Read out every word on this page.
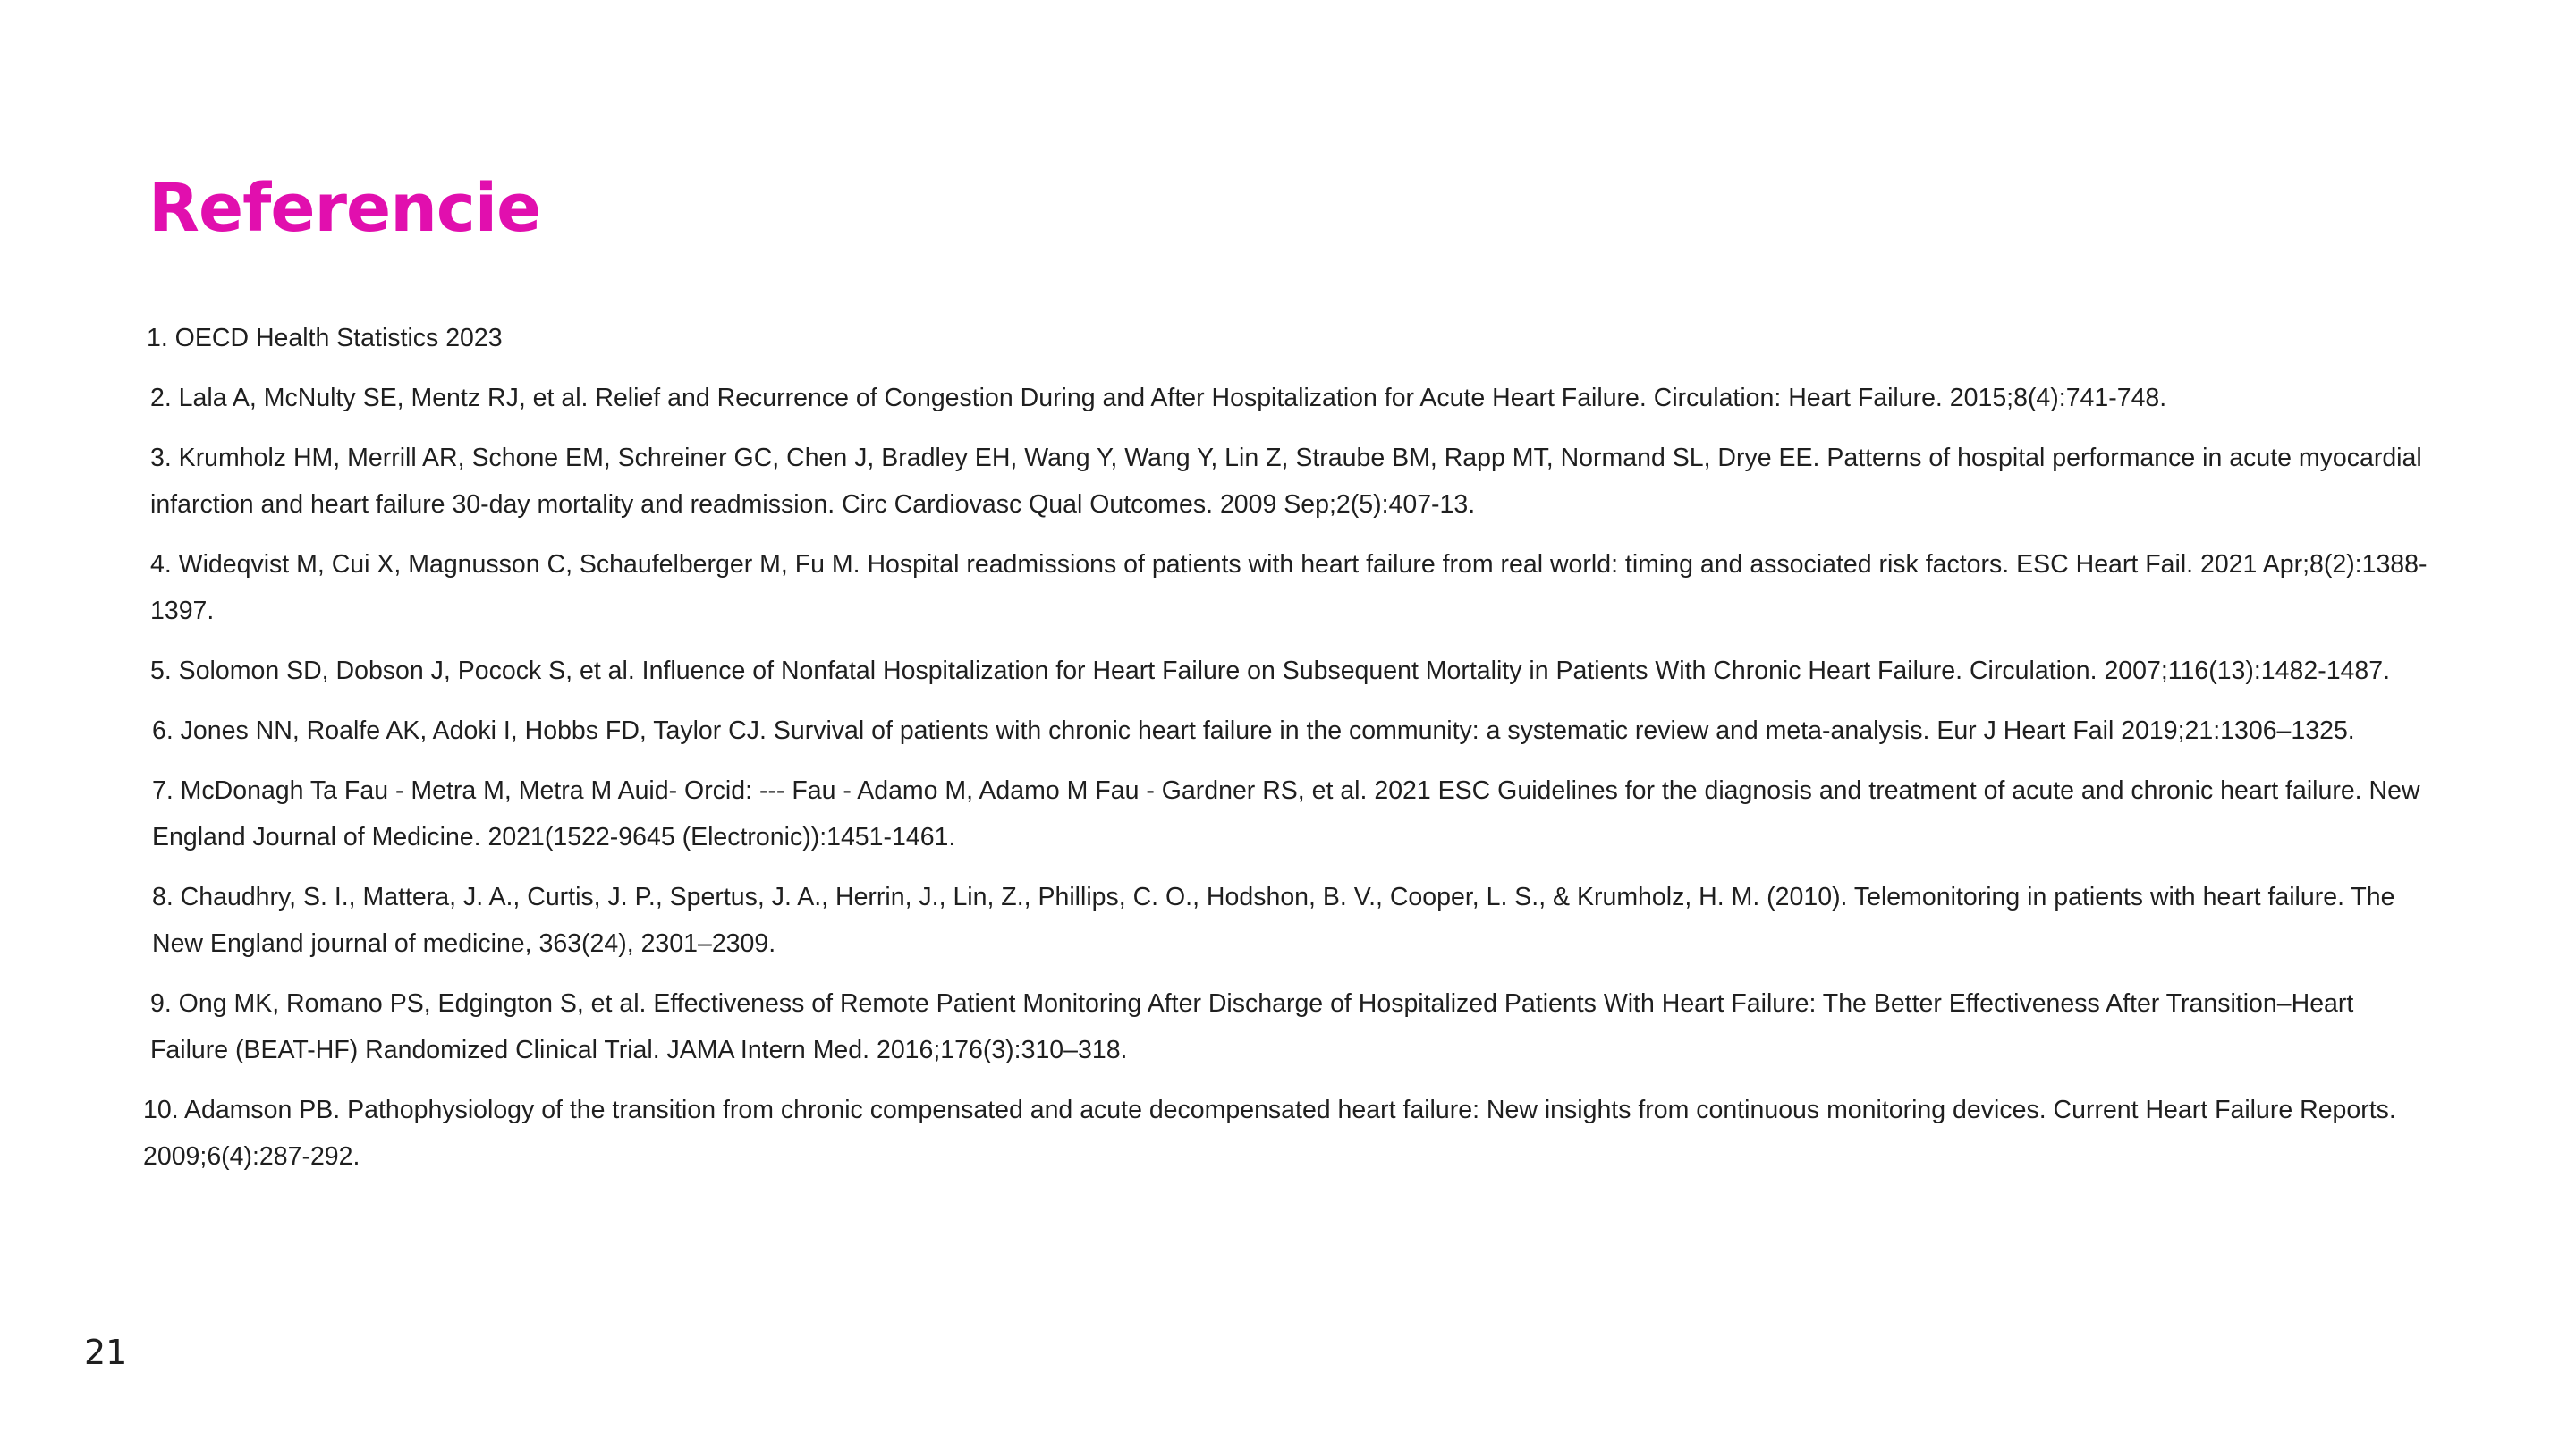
Referencie
1. OECD Health Statistics 2023
2. Lala A, McNulty SE, Mentz RJ, et al. Relief and Recurrence of Congestion During and After Hospitalization for Acute Heart Failure. Circulation: Heart Failure. 2015;8(4):741-748.
3. Krumholz HM, Merrill AR, Schone EM, Schreiner GC, Chen J, Bradley EH, Wang Y, Wang Y, Lin Z, Straube BM, Rapp MT, Normand SL, Drye EE. Patterns of hospital performance in acute myocardial infarction and heart failure 30-day mortality and readmission. Circ Cardiovasc Qual Outcomes. 2009 Sep;2(5):407-13.
4. Wideqvist M, Cui X, Magnusson C, Schaufelberger M, Fu M. Hospital readmissions of patients with heart failure from real world: timing and associated risk factors. ESC Heart Fail. 2021 Apr;8(2):1388-1397.
5. Solomon SD, Dobson J, Pocock S, et al. Influence of Nonfatal Hospitalization for Heart Failure on Subsequent Mortality in Patients With Chronic Heart Failure. Circulation. 2007;116(13):1482-1487.
6. Jones NN, Roalfe AK, Adoki I, Hobbs FD, Taylor CJ. Survival of patients with chronic heart failure in the community: a systematic review and meta‐analysis. Eur J Heart Fail 2019;21:1306–1325.
7. McDonagh Ta Fau - Metra M, Metra M Auid- Orcid: --- Fau - Adamo M, Adamo M Fau - Gardner RS, et al. 2021 ESC Guidelines for the diagnosis and treatment of acute and chronic heart failure. New England Journal of Medicine. 2021(1522-9645 (Electronic)):1451-1461.
8. Chaudhry, S. I., Mattera, J. A., Curtis, J. P., Spertus, J. A., Herrin, J., Lin, Z., Phillips, C. O., Hodshon, B. V., Cooper, L. S., & Krumholz, H. M. (2010). Telemonitoring in patients with heart failure. The New England journal of medicine, 363(24), 2301–2309.
9. Ong MK, Romano PS, Edgington S, et al. Effectiveness of Remote Patient Monitoring After Discharge of Hospitalized Patients With Heart Failure: The Better Effectiveness After Transition–Heart Failure (BEAT-HF) Randomized Clinical Trial. JAMA Intern Med. 2016;176(3):310–318.
10. Adamson PB. Pathophysiology of the transition from chronic compensated and acute decompensated heart failure: New insights from continuous monitoring devices. Current Heart Failure Reports. 2009;6(4):287-292.
21
